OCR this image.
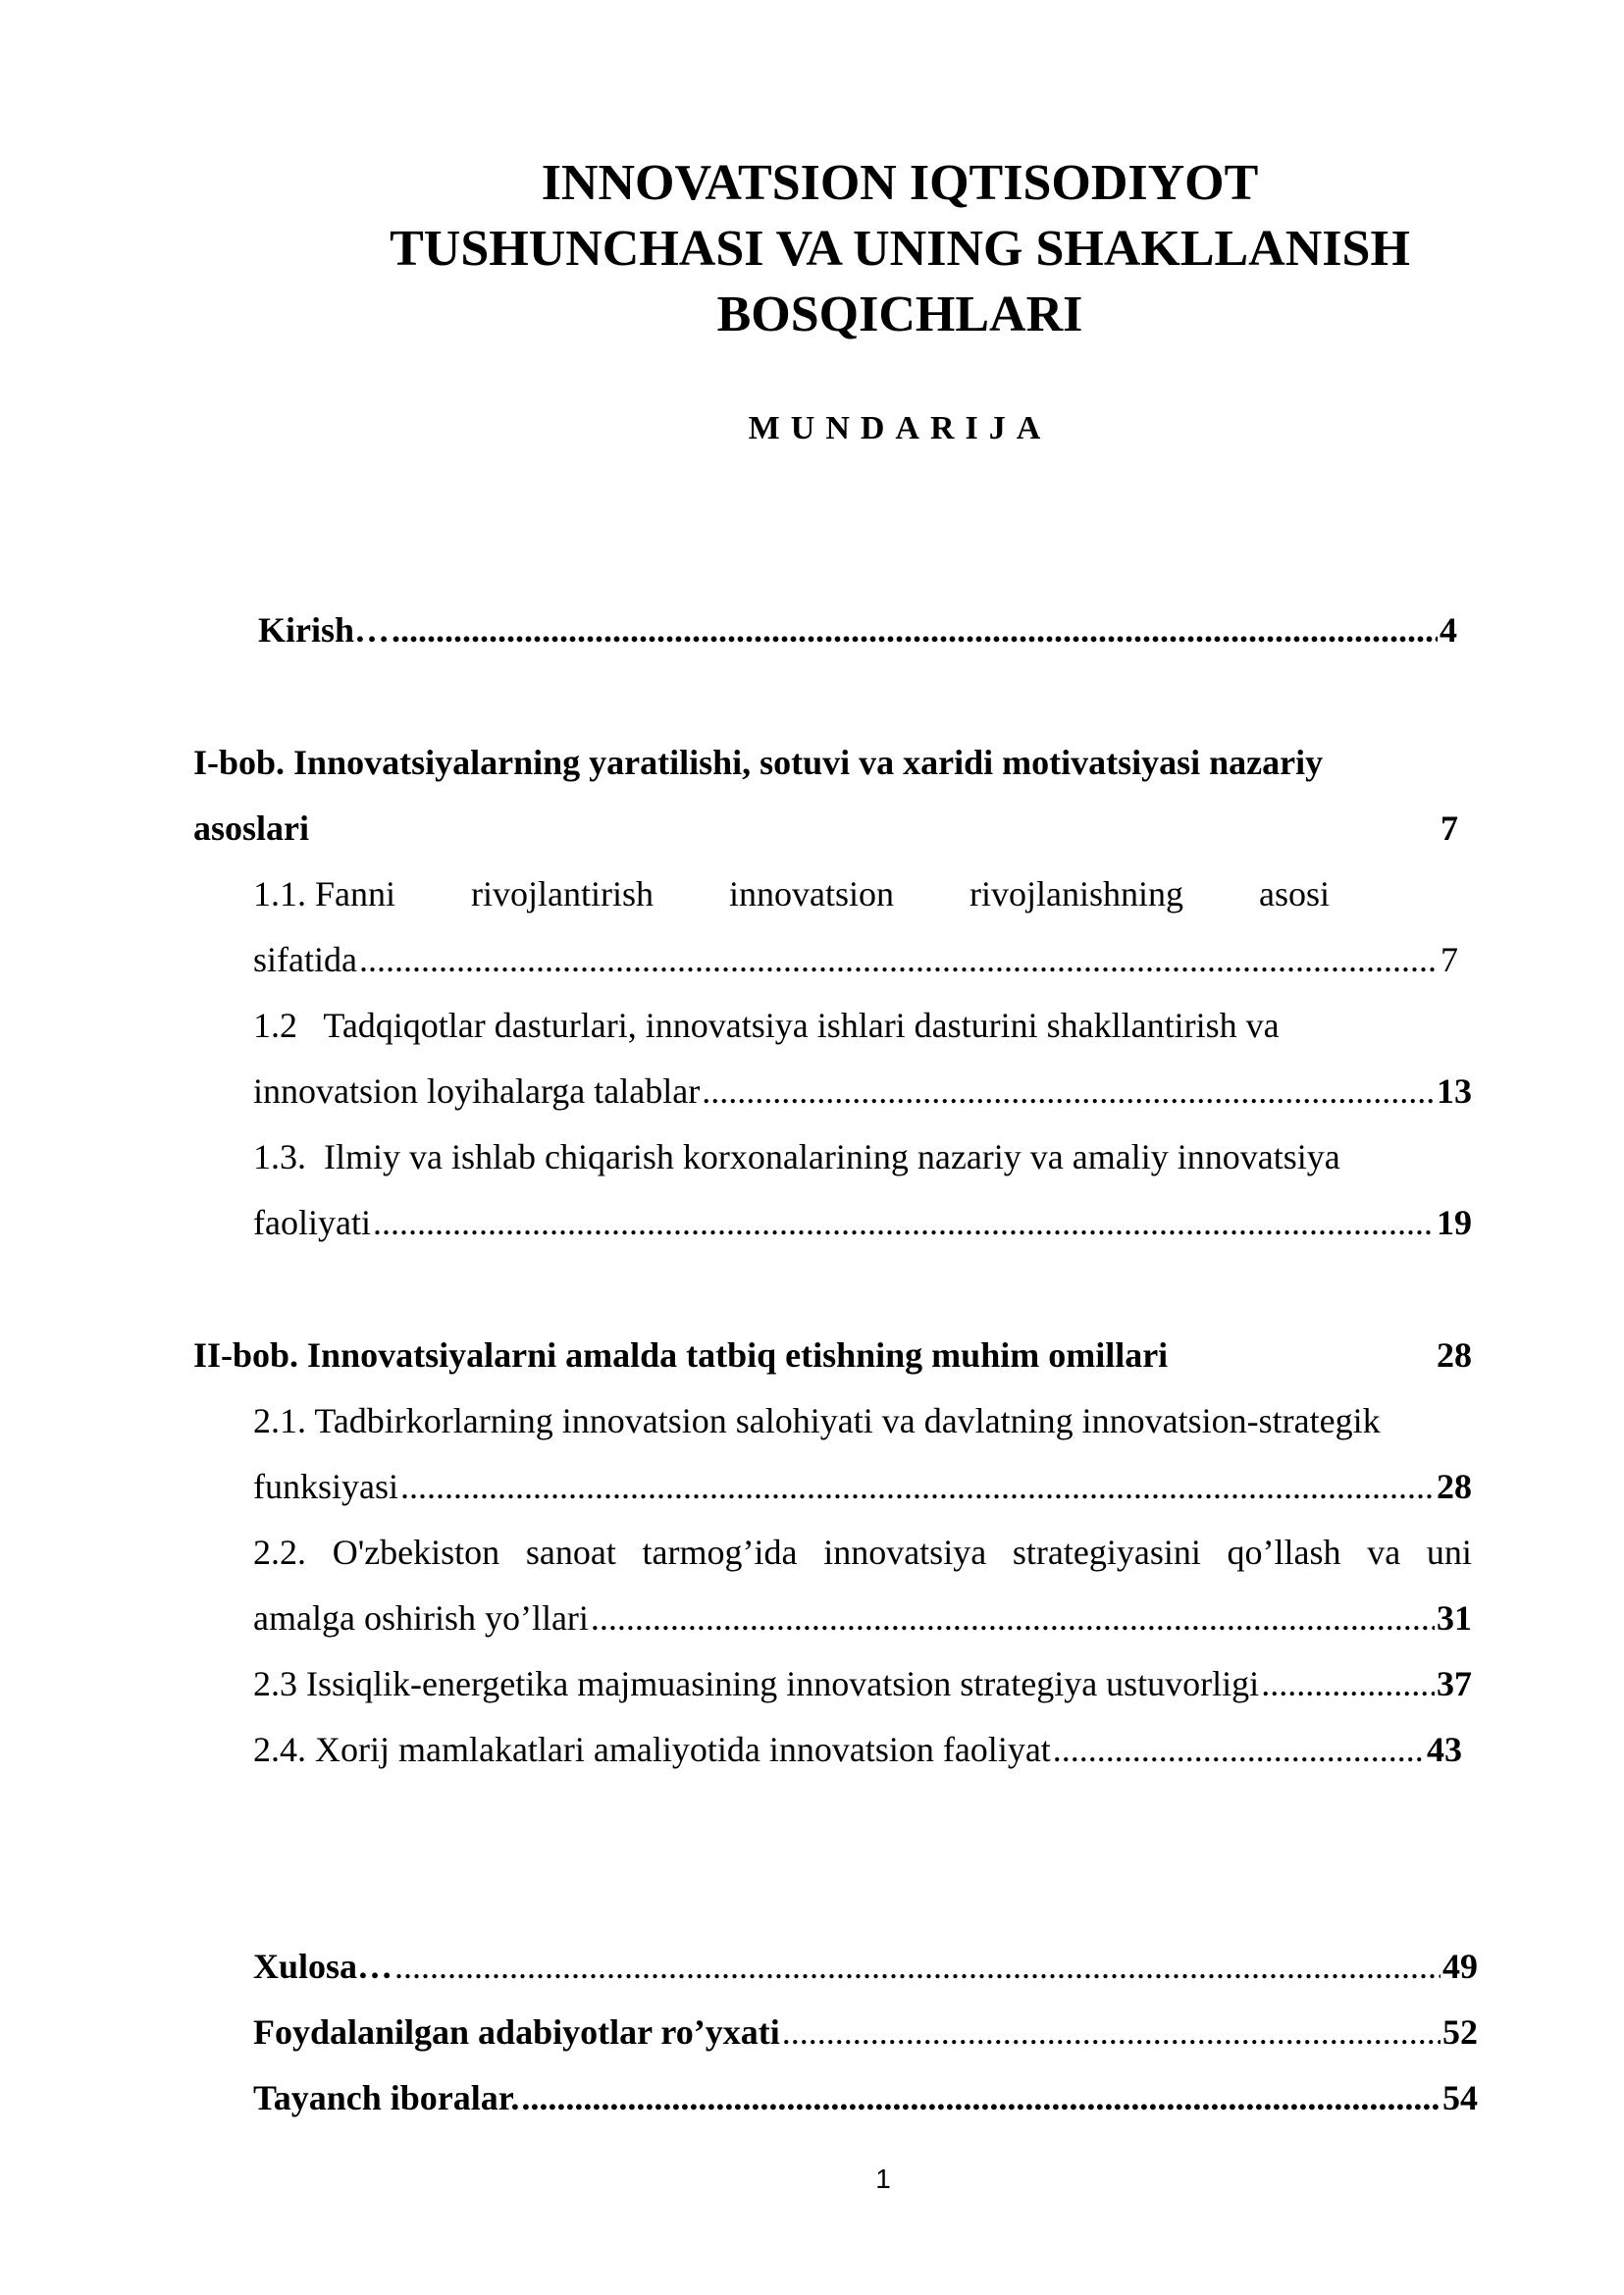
INNOVATSION IQTISODIYOT
TUSHUNCHASI VA UNING SHAKLLANISH
BOSQICHLARI
MUNDARIJA
Kirish… .....	4
I-bob. Innovatsiyalarning yaratilishi, sotuvi va xaridi motivatsiyasi nazariy
asoslari	7
1.1. Fanni rivojlantirish innovatsion rivojlanishning asosi
sifatida .....	7
1.2   Tadqiqotlar dasturlari, innovatsiya ishlari dasturini shakllantirish va
innovatsion loyihalarga talablar .....	13
1.3.  Ilmiy va ishlab chiqarish korxonalarining nazariy va amaliy innovatsiya
faoliyati .....	19
II-bob. Innovatsiyalarni amalda tatbiq etishning muhim omillari	28
2.1. Tadbirkorlarning innovatsion salohiyati va davlatning innovatsion-strategik
funksiyasi .....	28
2.2. O'zbekiston sanoat tarmog’ida innovatsiya strategiyasini qo’llash va uni
amalga oshirish yo’llari .....	31
2.3 Issiqlik-energetika majmuasining innovatsion strategiya ustuvorligi .....	37
2.4. Xorij mamlakatlari amaliyotida innovatsion faoliyat .....	43
Xulosa… .....	49
Foydalanilgan adabiyotlar ro’yxati .....	52
Tayanch iboralar. .....	54
1
